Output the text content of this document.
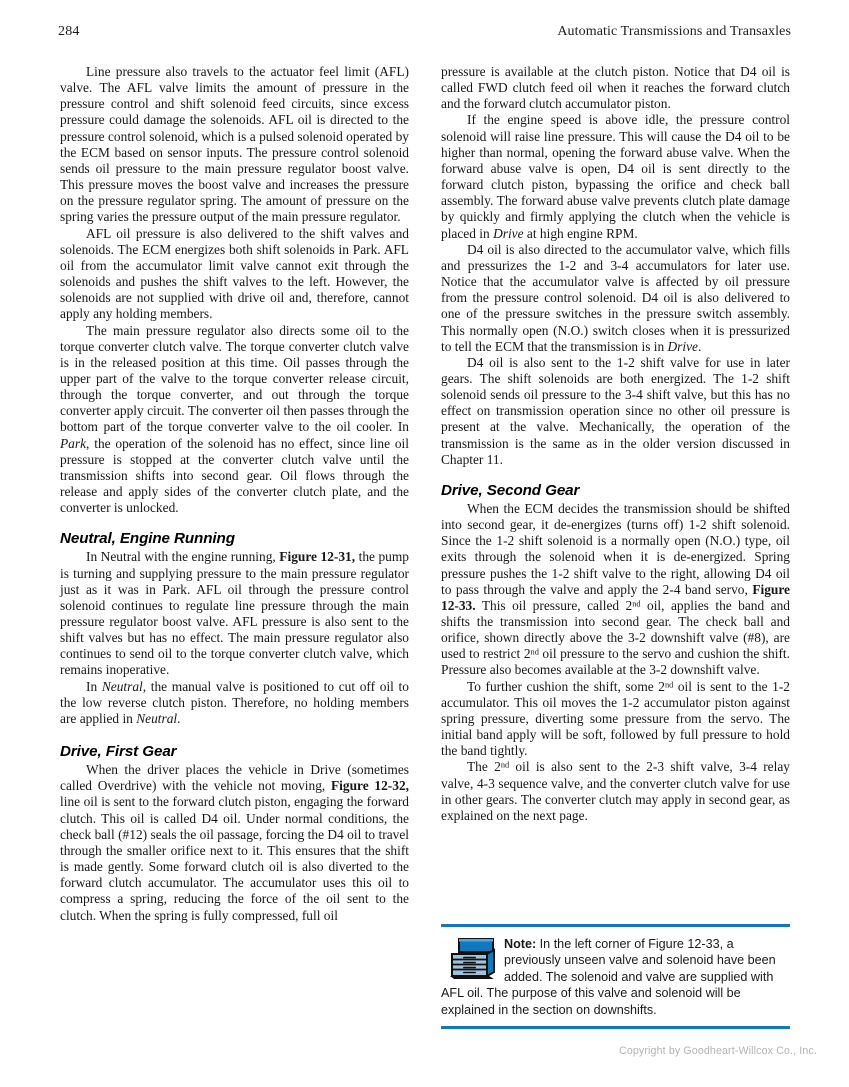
284	Automatic Transmissions and Transaxles

Line pressure also travels to the actuator feel limit (AFL) valve. The AFL valve limits the amount of pressure in the pressure control and shift solenoid feed circuits, since excess pressure could damage the solenoids. AFL oil is directed to the pressure control solenoid, which is a pulsed solenoid operated by the ECM based on sensor inputs. The pressure control solenoid sends oil pressure to the main pressure regulator boost valve. This pressure moves the boost valve and increases the pressure on the pressure regulator spring. The amount of pressure on the spring varies the pressure output of the main pressure regulator.

AFL oil pressure is also delivered to the shift valves and solenoids. The ECM energizes both shift solenoids in Park. AFL oil from the accumulator limit valve cannot exit through the solenoids and pushes the shift valves to the left. However, the solenoids are not supplied with drive oil and, therefore, cannot apply any holding members.

The main pressure regulator also directs some oil to the torque converter clutch valve. The torque converter clutch valve is in the released position at this time. Oil passes through the upper part of the valve to the torque converter release circuit, through the torque converter, and out through the torque converter apply circuit. The converter oil then passes through the bottom part of the torque converter valve to the oil cooler. In Park, the operation of the solenoid has no effect, since line oil pressure is stopped at the converter clutch valve until the transmission shifts into second gear. Oil flows through the release and apply sides of the converter clutch plate, and the converter is unlocked.

Neutral, Engine Running

In Neutral with the engine running, Figure 12-31, the pump is turning and supplying pressure to the main pressure regulator just as it was in Park. AFL oil through the pressure control solenoid continues to regulate line pressure through the main pressure regulator boost valve. AFL pressure is also sent to the shift valves but has no effect. The main pressure regulator also continues to send oil to the torque converter clutch valve, which remains inoperative.

In Neutral, the manual valve is positioned to cut off oil to the low reverse clutch piston. Therefore, no holding members are applied in Neutral.

Drive, First Gear

When the driver places the vehicle in Drive (sometimes called Overdrive) with the vehicle not moving, Figure 12-32, line oil is sent to the forward clutch piston, engaging the forward clutch. This oil is called D4 oil. Under normal conditions, the check ball (#12) seals the oil passage, forcing the D4 oil to travel through the smaller orifice next to it. This ensures that the shift is made gently. Some forward clutch oil is also diverted to the forward clutch accumulator. The accumulator uses this oil to compress a spring, reducing the force of the oil sent to the clutch. When the spring is fully compressed, full oil

pressure is available at the clutch piston. Notice that D4 oil is called FWD clutch feed oil when it reaches the forward clutch and the forward clutch accumulator piston.

If the engine speed is above idle, the pressure control solenoid will raise line pressure. This will cause the D4 oil to be higher than normal, opening the forward abuse valve. When the forward abuse valve is open, D4 oil is sent directly to the forward clutch piston, bypassing the orifice and check ball assembly. The forward abuse valve prevents clutch plate damage by quickly and firmly applying the clutch when the vehicle is placed in Drive at high engine RPM.

D4 oil is also directed to the accumulator valve, which fills and pressurizes the 1-2 and 3-4 accumulators for later use. Notice that the accumulator valve is affected by oil pressure from the pressure control solenoid. D4 oil is also delivered to one of the pressure switches in the pressure switch assembly. This normally open (N.O.) switch closes when it is pressurized to tell the ECM that the transmission is in Drive.

D4 oil is also sent to the 1-2 shift valve for use in later gears. The shift solenoids are both energized. The 1-2 shift solenoid sends oil pressure to the 3-4 shift valve, but this has no effect on transmission operation since no other oil pressure is present at the valve. Mechanically, the operation of the transmission is the same as in the older version discussed in Chapter 11.

Drive, Second Gear

When the ECM decides the transmission should be shifted into second gear, it de-energizes (turns off) 1-2 shift solenoid. Since the 1-2 shift solenoid is a normally open (N.O.) type, oil exits through the solenoid when it is de-energized. Spring pressure pushes the 1-2 shift valve to the right, allowing D4 oil to pass through the valve and apply the 2-4 band servo, Figure 12-33. This oil pressure, called 2nd oil, applies the band and shifts the transmission into second gear. The check ball and orifice, shown directly above the 3-2 downshift valve (#8), are used to restrict 2nd oil pressure to the servo and cushion the shift. Pressure also becomes available at the 3-2 downshift valve.

To further cushion the shift, some 2nd oil is sent to the 1-2 accumulator. This oil moves the 1-2 accumulator piston against spring pressure, diverting some pressure from the servo. The initial band apply will be soft, followed by full pressure to hold the band tightly.

The 2nd oil is also sent to the 2-3 shift valve, 3-4 relay valve, 4-3 sequence valve, and the converter clutch valve for use in other gears. The converter clutch may apply in second gear, as explained on the next page.

Note: In the left corner of Figure 12-33, a previously unseen valve and solenoid have been added. The solenoid and valve are supplied with AFL oil. The purpose of this valve and solenoid will be explained in the section on downshifts.
Copyright by Goodheart-Willcox Co., Inc.
